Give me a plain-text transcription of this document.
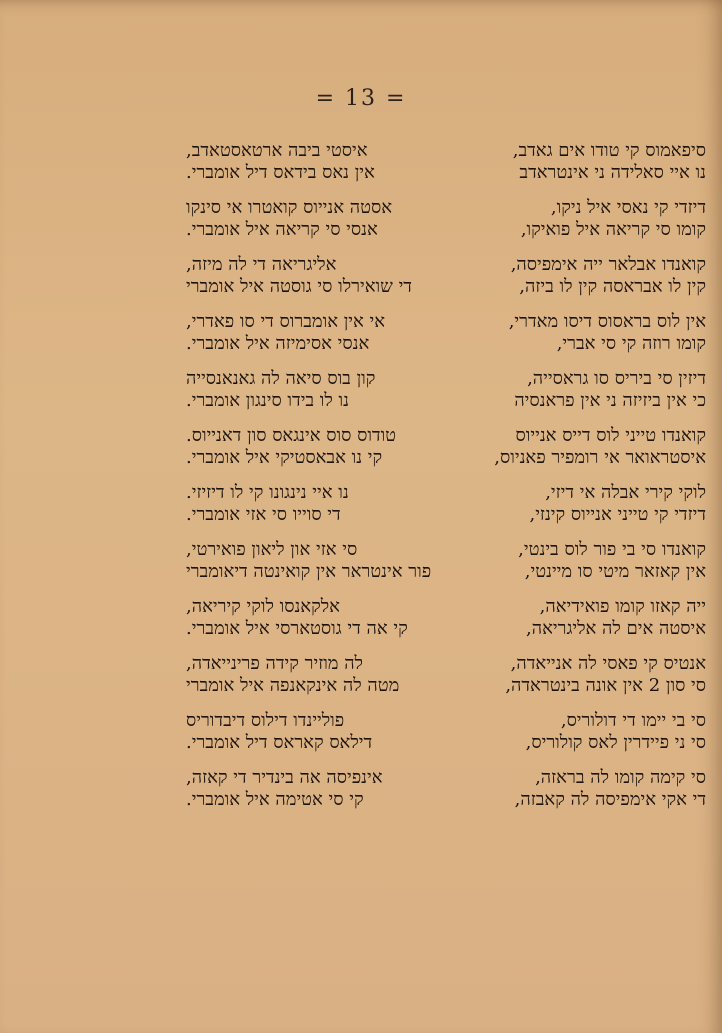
= 13 =
סיפאמוס קי טודו אים גאדב,
איסטי ביבה ארטאסטאדב,
נו איי סאלידה ני אינטראדב
אין נאס בידאס דיל אומברי.
דיזדי קי נאסי איל ניקו,
אסטה אנייוס קואטרו אי סינקו
קומו סי קריאה איל פואיקו,
אנסי סי קריאה איל אומברי.
קואנדו אבלאר ייה אימפיסה,
אליגריאה די לה מיזה,
קין לו אבראסה קין לו ביזה,
די שואירלו סי גוסטה איל אומברי
אין לוס בראסוס דיסו מאדרי,
אי אין אומברוס די סו פאדרי,
קומו רוזה קי סי אברי,
אנסי אסימיזה איל אומברי.
דיזין סי ביריס סו גראסייה,
קון בוס סיאה לה גאנאנסייה
כי אין ביזיזה ני אין פראנסיה
נו לו בידו סינגון אומברי.
קואנדו טייני לוס דייס אנייוס
טודוס סוס אינגאס סון דאנייוס.
איסטראואר אי רומפיר פאניוס,
קי נו אבאסטיקי איל אומברי.
לוקי קירי אבלה אי דיזי,
נו איי נינגונו קי לו דיזיזי.
דיזדי קי טייני אנייוס קינזי,
די סוייו סי אזי אומברי.
קואנדו סי בי פור לוס בינטי,
סי אזי און ליאון פואירטי,
אין קאזאר מיטי סו מיינטי,
פור אינטראר אין קואינטה דיאומברי
ייה קאזו קומו פואידיאה,
אלקאנסו לוקי קיריאה,
איסטה אים לה אליגריאה,
קי אה די גוסטארסי איל אומברי.
אנטיס קי פאסי לה אנייאדה,
לה מוזיר קידה פרינייאדה,
סי סון 2 אין אונה בינטראדה,
מטה לה אינקאנפה איל אומברי
סי בי יימו די דולוריס,
פוליינדו דילוס דיבדוריס
סי ני פיידרין לאס קולוריס,
דילאס קאראס דיל אומברי.
סי קימה קומו לה בראזה,
אינפיסה אה בינדיר די קאזה,
די אקי אימפיסה לה קאבזה,
קי סי אטימה איל אומברי.
